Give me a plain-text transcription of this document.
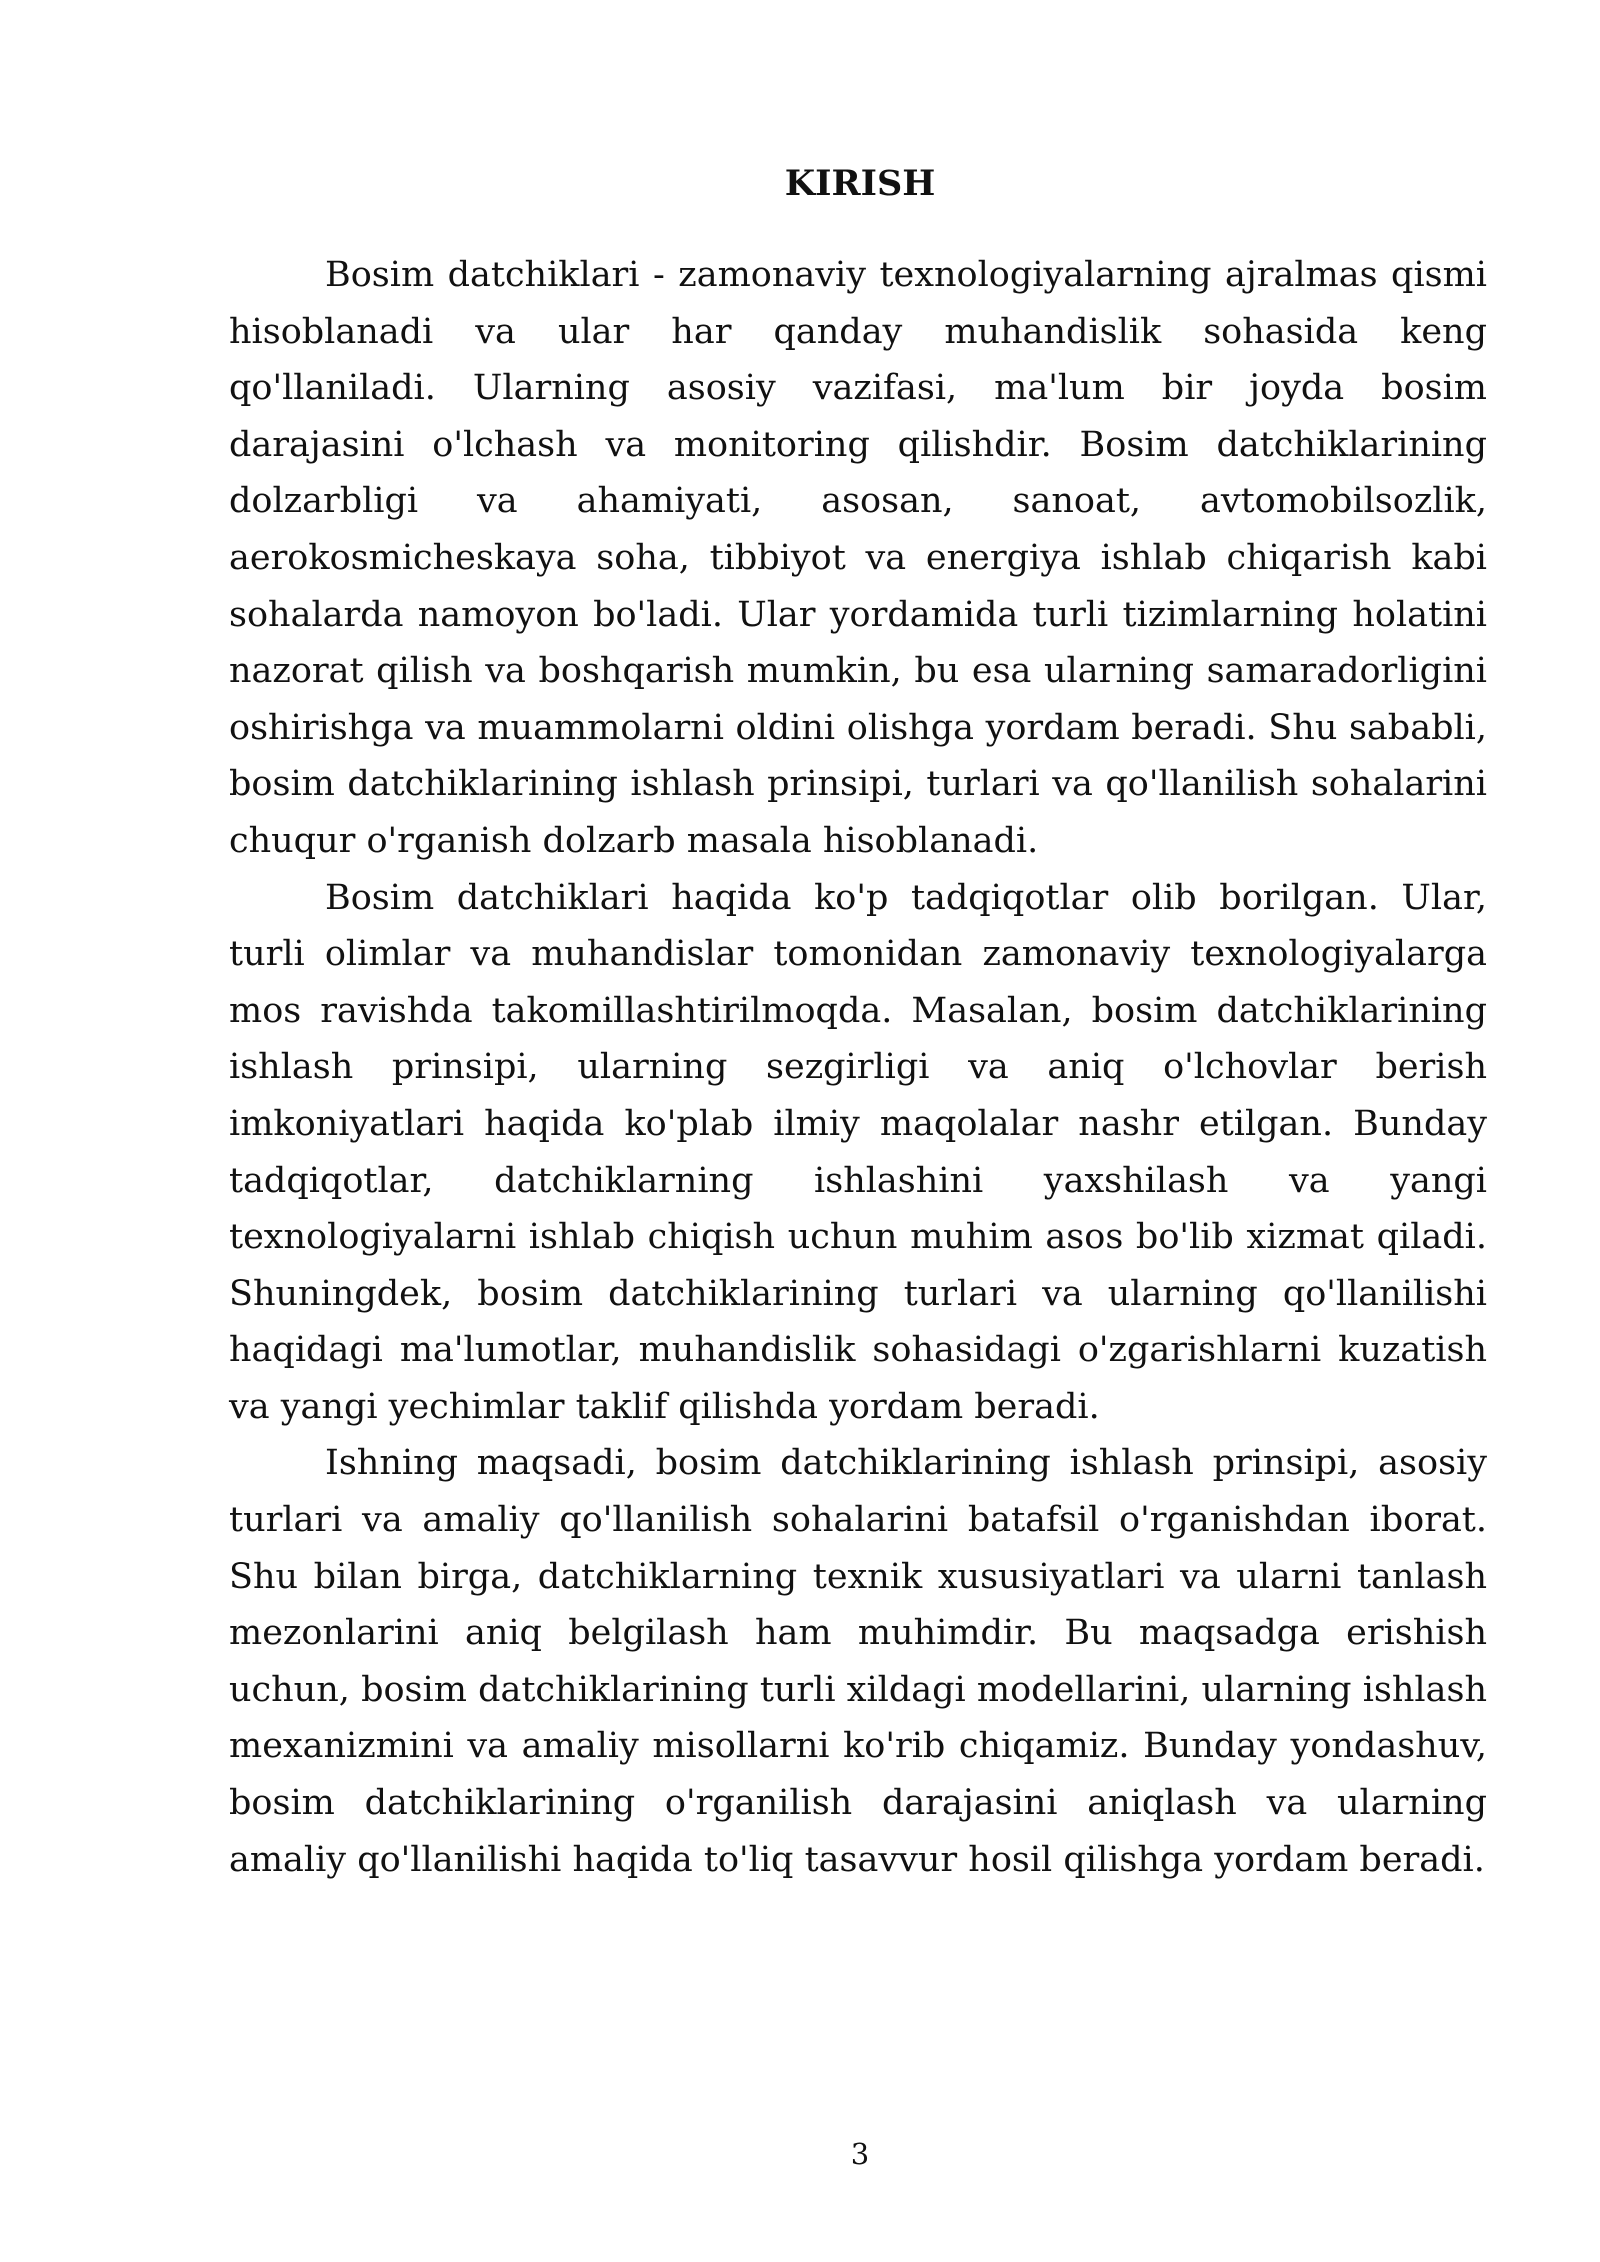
KIRISH

Bosim datchiklari - zamonaviy texnologiyalarning ajralmas qismi hisoblanadi va ular har qanday muhandislik sohasida keng qo'llaniladi. Ularning asosiy vazifasi, ma'lum bir joyda bosim darajasini o'lchash va monitoring qilishdir. Bosim datchiklarining dolzarbligi va ahamiyati, asosan, sanoat, avtomobilsozlik, aerokosmicheskaya soha, tibbiyot va energiya ishlab chiqarish kabi sohalarda namoyon bo'ladi. Ular yordamida turli tizimlarning holatini nazorat qilish va boshqarish mumkin, bu esa ularning samaradorligini oshirishga va muammolarni oldini olishga yordam beradi. Shu sababli, bosim datchiklarining ishlash prinsipi, turlari va qo'llanilish sohalarini chuqur o'rganish dolzarb masala hisoblanadi.

Bosim datchiklari haqida ko'p tadqiqotlar olib borilgan. Ular, turli olimlar va muhandislar tomonidan zamonaviy texnologiyalarga mos ravishda takomillashtirilmoqda. Masalan, bosim datchiklarining ishlash prinsipi, ularning sezgirligi va aniq o'lchovlar berish imkoniyatlari haqida ko'plab ilmiy maqolalar nashr etilgan. Bunday tadqiqotlar, datchiklarning ishlashini yaxshilash va yangi texnologiyalarni ishlab chiqish uchun muhim asos bo'lib xizmat qiladi. Shuningdek, bosim datchiklarining turlari va ularning qo'llanilishi haqidagi ma'lumotlar, muhandislik sohasidagi o'zgarishlarni kuzatish va yangi yechimlar taklif qilishda yordam beradi.

Ishning maqsadi, bosim datchiklarining ishlash prinsipi, asosiy turlari va amaliy qo'llanilish sohalarini batafsil o'rganishdan iborat. Shu bilan birga, datchiklarning texnik xususiyatlari va ularni tanlash mezonlarini aniq belgilash ham muhimdir. Bu maqsadga erishish uchun, bosim datchiklarining turli xildagi modellarini, ularning ishlash mexanizmini va amaliy misollarni ko'rib chiqamiz. Bunday yondashuv, bosim datchiklarining o'rganilish darajasini aniqlash va ularning amaliy qo'llanilishi haqida to'liq tasavvur hosil qilishga yordam beradi.

3
